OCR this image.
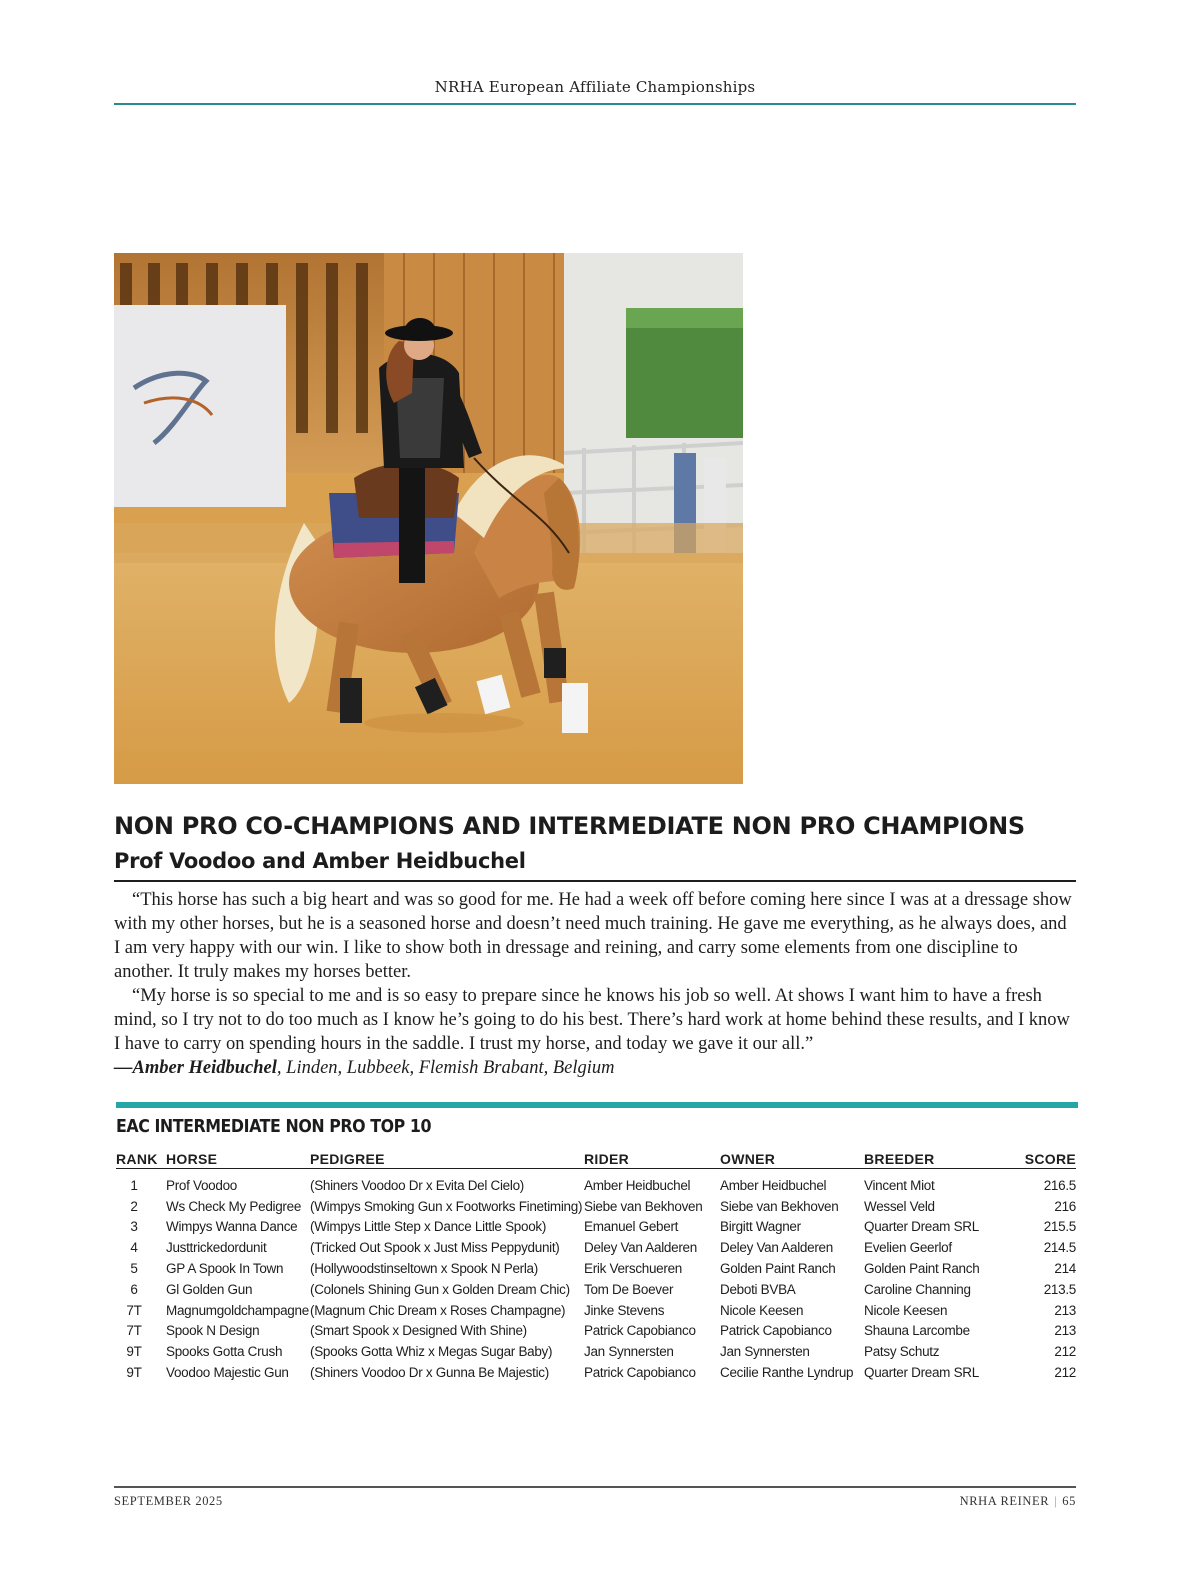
NRHA European Affiliate Championships
NON PRO CO-CHAMPIONS AND INTERMEDIATE NON PRO CHAMPIONS
Prof Voodoo and Amber Heidbuchel

“This horse has such a big heart and was so good for me. He had a week off before coming here since I was at a dressage show with my other horses, but he is a seasoned horse and doesn’t need much training. He gave me everything, as he always does, and I am very happy with our win. I like to show both in dressage and reining, and carry some elements from one discipline to another. It truly makes my horses better.

“My horse is so special to me and is so easy to prepare since he knows his job so well. At shows I want him to have a fresh mind, so I try not to do too much as I know he’s going to do his best. There’s hard work at home behind these results, and I know I have to carry on spending hours in the saddle. I trust my horse, and today we gave it our all.”

—Amber Heidbuchel, Linden, Lubbeek, Flemish Brabant, Belgium

EAC INTERMEDIATE NON PRO TOP 10
RANK	HORSE	PEDIGREE	RIDER	OWNER	BREEDER	SCORE
1	Prof Voodoo	(Shiners Voodoo Dr x Evita Del Cielo)	Amber Heidbuchel	Amber Heidbuchel	Vincent Miot	216.5
2	Ws Check My Pedigree	(Wimpys Smoking Gun x Footworks Finetiming)	Siebe van Bekhoven	Siebe van Bekhoven	Wessel Veld	216
3	Wimpys Wanna Dance	(Wimpys Little Step x Dance Little Spook)	Emanuel Gebert	Birgitt Wagner	Quarter Dream SRL	215.5
4	Justtrickedordunit	(Tricked Out Spook x Just Miss Peppydunit)	Deley Van Aalderen	Deley Van Aalderen	Evelien Geerlof	214.5
5	GP A Spook In Town	(Hollywoodstinseltown x Spook N Perla)	Erik Verschueren	Golden Paint Ranch	Golden Paint Ranch	214
6	Gl Golden Gun	(Colonels Shining Gun x Golden Dream Chic)	Tom De Boever	Deboti BVBA	Caroline Channing	213.5
7T	Magnumgoldchampagne	(Magnum Chic Dream x Roses Champagne)	Jinke Stevens	Nicole Keesen	Nicole Keesen	213
7T	Spook N Design	(Smart Spook x Designed With Shine)	Patrick Capobianco	Patrick Capobianco	Shauna Larcombe	213
9T	Spooks Gotta Crush	(Spooks Gotta Whiz x Megas Sugar Baby)	Jan Synnersten	Jan Synnersten	Patsy Schutz	212
9T	Voodoo Majestic Gun	(Shiners Voodoo Dr x Gunna Be Majestic)	Patrick Capobianco	Cecilie Ranthe Lyndrup	Quarter Dream SRL	212
SEPTEMBER 2025	NRHA REINER | 65
